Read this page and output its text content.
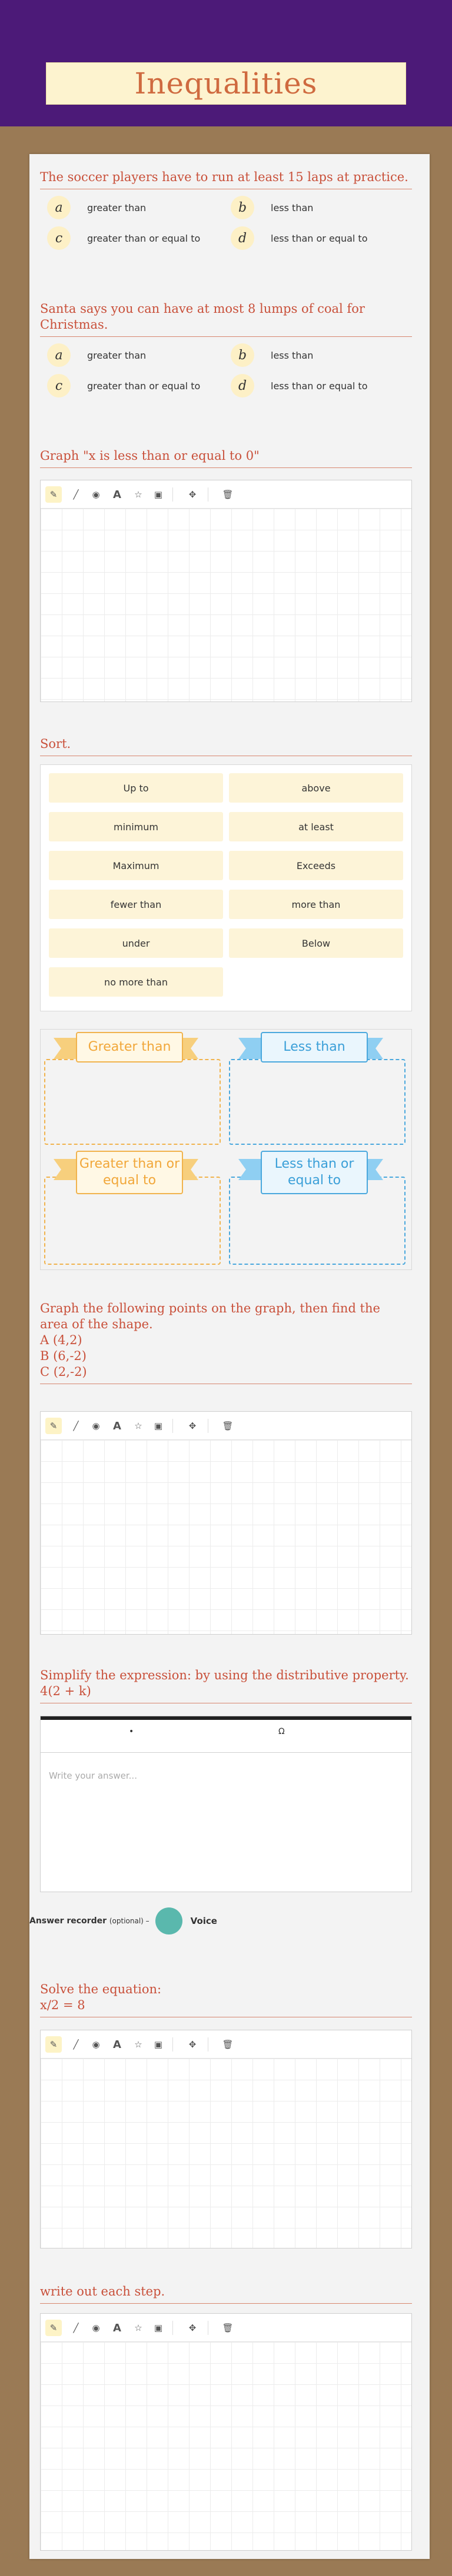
Inequalities
The soccer players have to run at least 15 laps at practice.
a	greater than	b	less than
c	greater than or equal to	d	less than or equal to
Santa says you can have at most 8 lumps of coal for Christmas.
a	greater than	b	less than
c	greater than or equal to	d	less than or equal to
Graph "x is less than or equal to 0"
✎	╱	◉	A	☆	▣	✥	🗑
Sort.
Up to	above
minimum	at least
Maximum	Exceeds
fewer than	more than
under	Below
no more than
Greater than	Less than
Greater than or equal to
Less than or equal to
Graph the following points on the graph, then find the area of the shape.
A (4,2)
B (6,-2)
C (2,-2)
✎	╱	◉	A	☆	▣	✥	🗑
Simplify the expression: by using the distributive property.
4(2 + k)
•	Ω
Write your answer...
Answer recorder (optional) –	Voice
Solve the equation:
x/2 = 8
✎	╱	◉	A	☆	▣	✥	🗑
write out each step.
✎	╱	◉	A	☆	▣	✥	🗑
